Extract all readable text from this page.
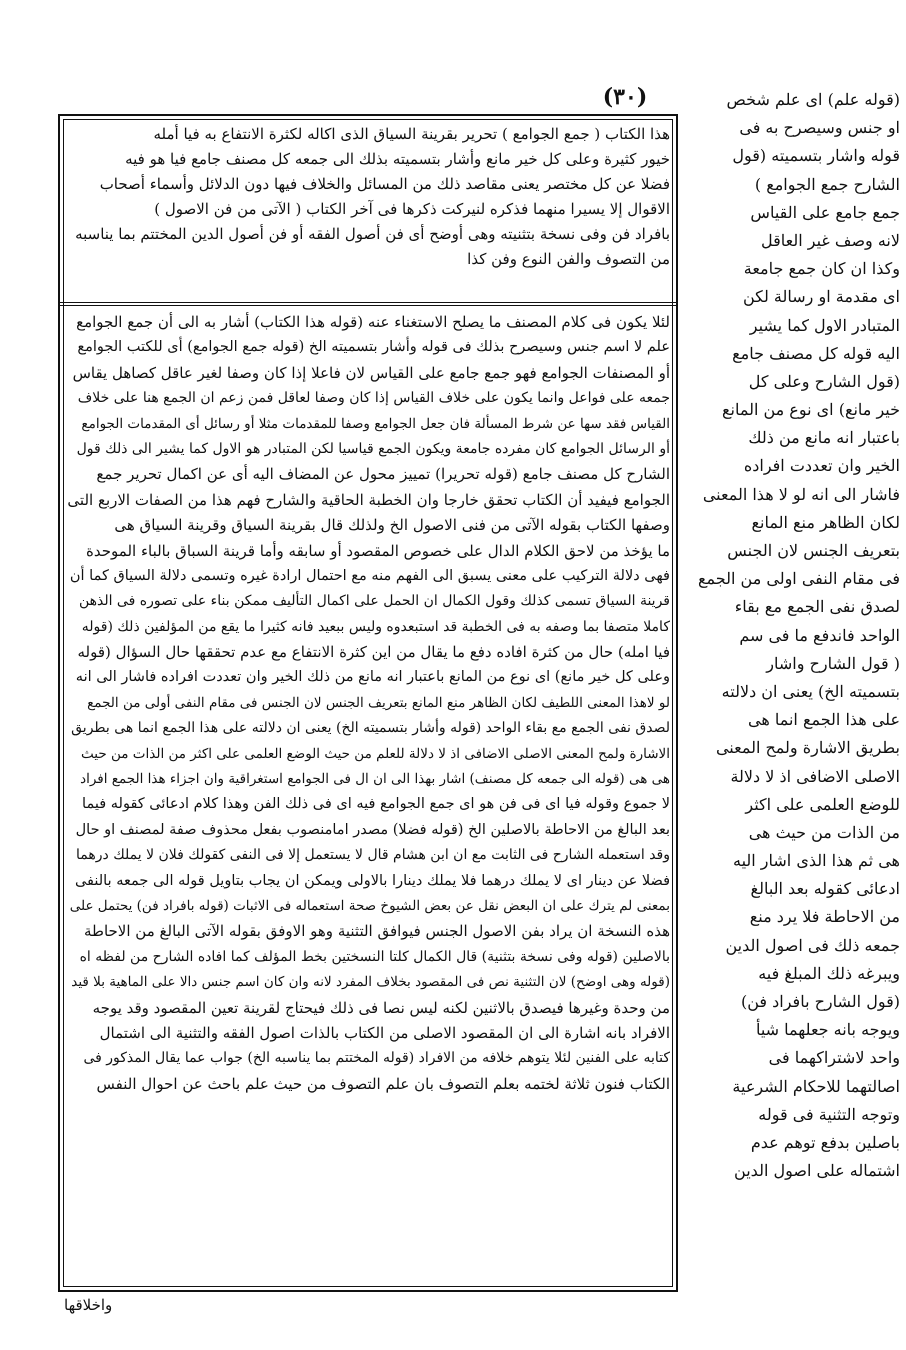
(٣٠)
هذا الكتاب ( جمع الجوامع ) تحرير بقرينة السياق الذى اكاله لكثرة الانتفاع به فيا أمله
خيور كثيرة وعلى كل خير مانع وأشار بتسميته بذلك الى جمعه كل مصنف جامع فيا هو فيه
فضلا عن كل مختصر يعنى مقاصد ذلك من المسائل والخلاف فيها دون الدلائل وأسماء أصحاب
الاقوال إلا يسيرا منهما فذكره لنيركت ذكرها فى آخر الكتاب ( الآتى من فن الاصول )
بافراد فن وفى نسخة بتثنيته وهى أوضح أى فن أصول الفقه أو فن أصول الدين المختتم بما يناسبه
من التصوف والفن النوع وفن كذا
لئلا يكون فى كلام المصنف ما يصلح الاستغناء عنه (قوله هذا الكتاب) أشار به الى أن جمع الجوامع
علم لا اسم جنس وسيصرح بذلك فى قوله وأشار بتسميته الخ (قوله جمع الجوامع) أى للكتب الجوامع
أو المصنفات الجوامع فهو جمع جامع على القياس لان فاعلا إذا كان وصفا لغير عاقل كصاهل يقاس
جمعه على فواعل وانما يكون على خلاف القياس إذا كان وصفا لعاقل فمن زعم ان الجمع هنا على خلاف
القياس فقد سها عن شرط المسألة فان جعل الجوامع وصفا للمقدمات مثلا أو رسائل أى المقدمات الجوامع
أو الرسائل الجوامع كان مفرده جامعة ويكون الجمع قياسيا لكن المتبادر هو الاول كما يشير الى ذلك قول
الشارح كل مصنف جامع (قوله تحريرا) تمييز محول عن المضاف اليه أى عن اكمال تحرير جمع
الجوامع فيفيد أن الكتاب تحقق خارجا وان الخطبة الحاقية والشارح فهم هذا من الصفات الاربع التى
وصفها الكتاب بقوله الآتى من فنى الاصول الخ ولذلك قال بقرينة السياق وقرينة السياق هى
ما يؤخذ من لاحق الكلام الدال على خصوص المقصود أو سابقه وأما قرينة السباق بالباء الموحدة
فهى دلالة التركيب على معنى يسبق الى الفهم منه مع احتمال ارادة غيره وتسمى دلالة السياق كما أن
قرينة السياق تسمى كذلك وقول الكمال ان الحمل على اكمال التأليف ممكن بناء على تصوره فى الذهن
كاملا متصفا بما وصفه به فى الخطبة قد استبعدوه وليس ببعيد فانه كثيرا ما يقع من المؤلفين ذلك (قوله
فيا امله) حال من كثرة افاده دفع ما يقال من اين كثرة الانتفاع مع عدم تحققها حال السؤال (قوله
وعلى كل خير مانع) اى نوع من المانع باعتبار انه مانع من ذلك الخير وان تعددت افراده فاشار الى انه
لو لاهذا المعنى اللطيف لكان الظاهر منع المانع بتعريف الجنس لان الجنس فى مقام النفى أولى من الجمع
لصدق نفى الجمع مع بقاء الواحد (قوله وأشار بتسميته الخ) يعنى ان دلالته على هذا الجمع انما هى بطريق
الاشارة ولمح المعنى الاصلى الاضافى اذ لا دلالة للعلم من حيث الوضع العلمى على اكثر من الذات من حيث
هى هى (قوله الى جمعه كل مصنف) اشار بهذا الى ان ال فى الجوامع استغراقية وان اجزاء هذا الجمع افراد
لا جموع وقوله فيا اى فى فن هو اى جمع الجوامع فيه اى فى ذلك الفن وهذا كلام ادعائى كقوله فيما
بعد البالغ من الاحاطة بالاصلين الخ (قوله فضلا) مصدر امامنصوب بفعل محذوف صفة لمصنف او حال
وقد استعمله الشارح فى الثابت مع ان ابن هشام قال لا يستعمل إلا فى النفى كقولك فلان لا يملك درهما
فضلا عن دينار اى لا يملك درهما فلا يملك دينارا بالاولى ويمكن ان يجاب بتاويل قوله الى جمعه بالنفى
بمعنى لم يترك على ان البعض نقل عن بعض الشيوخ صحة استعماله فى الاثبات (قوله بافراد فن) يحتمل على
هذه النسخة ان يراد بفن الاصول الجنس فيوافق التثنية وهو الاوفق بقوله الآتى البالغ من الاحاطة
بالاصلين (قوله وفى نسخة بتثنية) قال الكمال كلتا النسختين بخط المؤلف كما افاده الشارح من لفظه اه
(قوله وهى اوضح) لان التثنية نص فى المقصود بخلاف المفرد لانه وان كان اسم جنس دالا على الماهية بلا قيد
من وحدة وغيرها فيصدق بالاثنين لكنه ليس نصا فى ذلك فيحتاج لقرينة تعين المقصود وقد يوجه
الافراد بانه اشارة الى ان المقصود الاصلى من الكتاب بالذات اصول الفقه والتثنية الى اشتمال
كتابه على الفنين لئلا يتوهم خلافه من الافراد (قوله المختتم بما يناسبه الخ) جواب عما يقال المذكور فى
الكتاب فنون ثلاثة لختمه بعلم التصوف بان علم التصوف من حيث علم باحث عن احوال النفس
(قوله علم) اى علم شخص
او جنس وسيصرح به فى
قوله واشار بتسميته (قول
الشارح جمع الجوامع )
جمع جامع على القياس
لانه وصف غير العاقل
وكذا ان كان جمع جامعة
اى مقدمة او رسالة لكن
المتبادر الاول كما يشير
اليه قوله كل مصنف جامع
(قول الشارح وعلى كل
خير مانع) اى نوع من المانع
باعتبار انه مانع من ذلك
الخير وان تعددت افراده
فاشار الى انه لو لا هذا المعنى
لكان الظاهر منع المانع
بتعريف الجنس لان الجنس
فى مقام النفى اولى من الجمع
لصدق نفى الجمع مع بقاء
الواحد فاندفع ما فى سم
( قول الشارح واشار
بتسميته الخ) يعنى ان دلالته
على هذا الجمع انما هى
بطريق الاشارة ولمح المعنى
الاصلى الاضافى اذ لا دلالة
للوضع العلمى على اكثر
من الذات من حيث هى
هى ثم هذا الذى اشار اليه
ادعائى كقوله بعد البالغ
من الاحاطة فلا يرد منع
جمعه ذلك فى اصول الدين
ويبرغه ذلك المبلغ فيه
(قول الشارح بافراد فن)
ويوجه بانه جعلهما شيأ
واحد لاشتراكهما فى
اصالتهما للاحكام الشرعية
وتوجه التثنية فى قوله
باصلين بدفع توهم عدم
اشتماله على اصول الدين
واخلاقها
